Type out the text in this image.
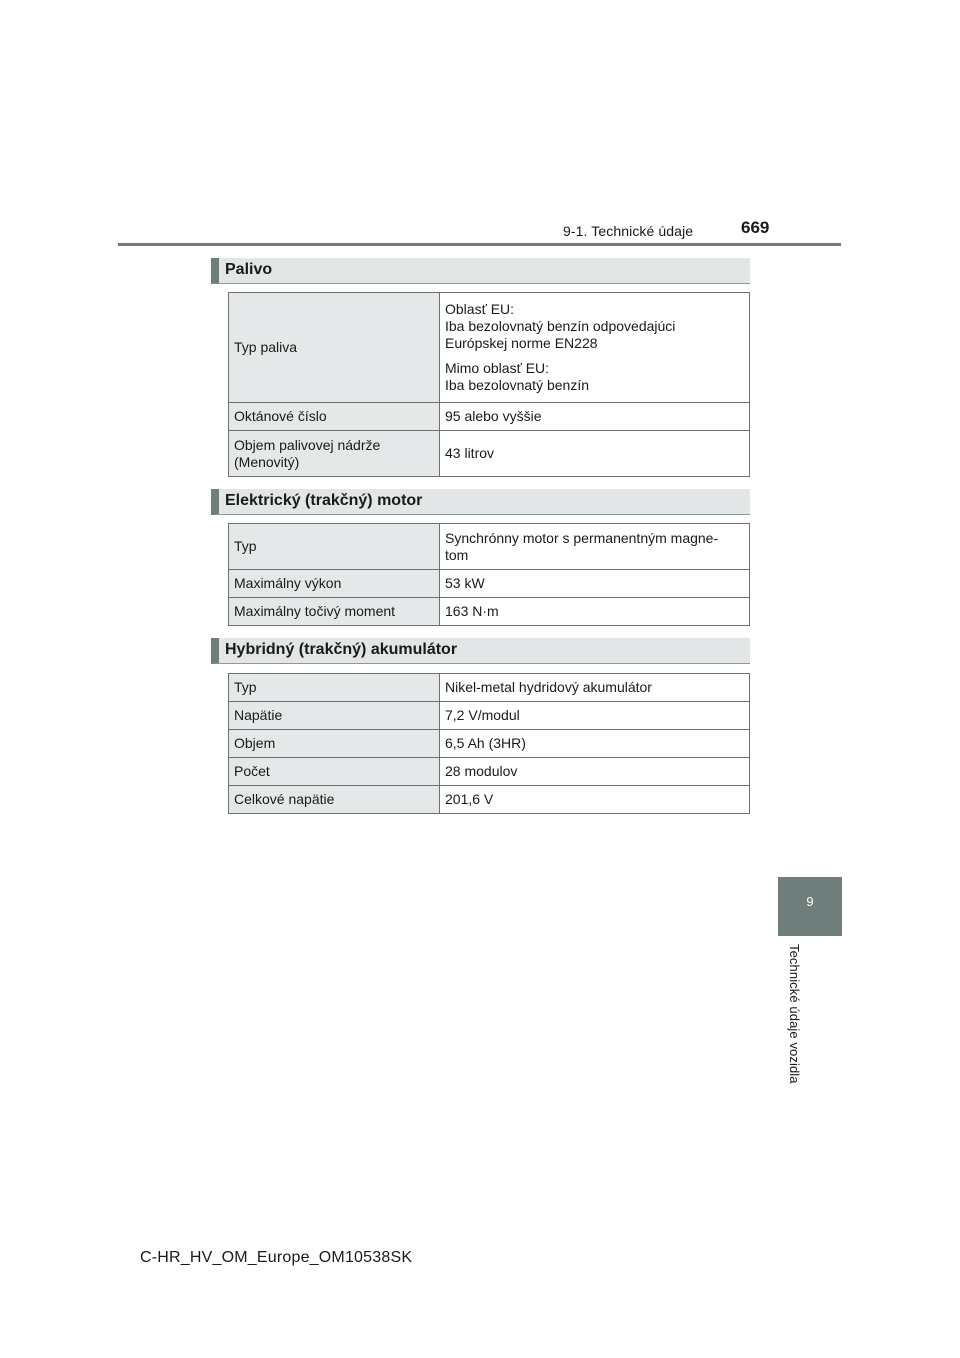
9-1. Technické údaje	669
9
Technické údaje vozidla
Palivo
Typ paliva	Oblasť EU:
Iba bezolovnatý benzín odpovedajúci
Európskej norme EN228

Mimo oblasť EU:
Iba bezolovnatý benzín

Oktánové číslo	95 alebo vyššie
Objem palivovej nádrže
(Menovitý)	43 litrov
Elektrický (trakčný) motor
Typ	Synchrónny motor s permanentným magne-
tom
Maximálny výkon	53 kW
Maximálny točivý moment	163 N·m
Hybridný (trakčný) akumulátor
Typ	Nikel-metal hydridový akumulátor
Napätie	7,2 V/modul
Objem	6,5 Ah (3HR)
Počet	28 modulov
Celkové napätie	201,6 V
C-HR_HV_OM_Europe_OM10538SK
